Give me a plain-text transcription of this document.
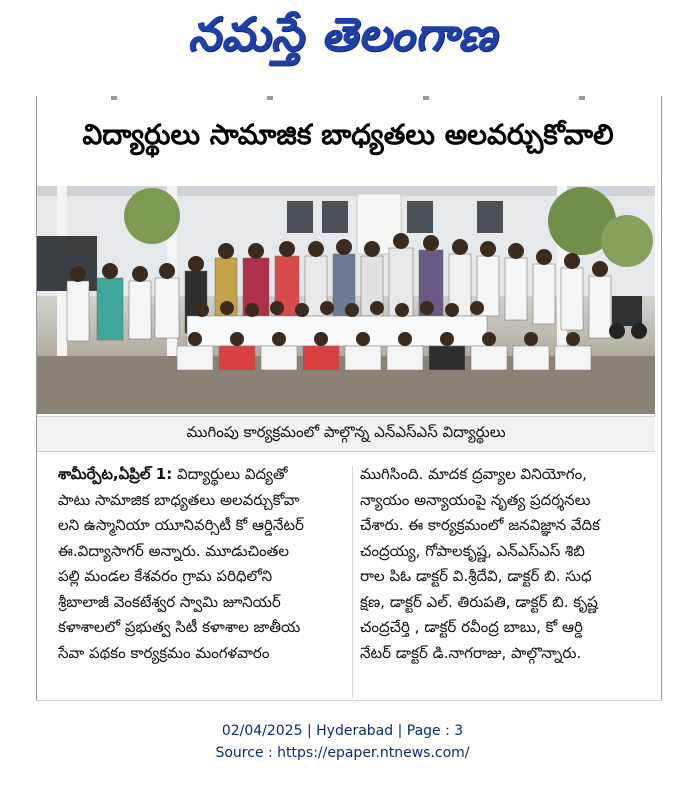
నమస్తే తెలంగాణ
విద్యార్థులు సామాజిక బాధ్యతలు అలవర్చుకోవాలి
ముగింపు కార్యక్రమంలో పాల్గొన్న ఎన్ఎస్ఎస్ విద్యార్థులు
శామీర్పేట,ఏప్రిల్ 1: విద్యార్థులు విద్యతో
పాటు సామాజిక బాధ్యతలు అలవర్చుకోవా
లని ఉస్మానియా యూనివర్సిటీ కో ఆర్డినేటర్
ఈ.విద్యాసాగర్ అన్నారు. మూడుచింతల
పల్లి మండల కేశవరం గ్రామ పరిధిలోని
శ్రీబాలాజీ వెంకటేశ్వర స్వామి జూనియర్
కళాశాలలో ప్రభుత్వ సిటీ కళాశాల జాతీయ
సేవా పథకం కార్యక్రమం మంగళవారం
ముగిసింది. మాదక ద్రవ్యాల వినియోగం,
న్యాయం అన్యాయంపై నృత్య ప్రదర్శనలు
చేశారు. ఈ కార్యక్రమంలో జనవిజ్ఞాన వేదిక
చంద్రయ్య, గోపాలకృష్ణ, ఎన్ఎస్ఎస్ శిబి
రాల పిఓ డాక్టర్ వి.శ్రీదేవి, డాక్టర్ బి. సుధ
క్షణ, డాక్టర్ ఎల్. తిరుపతి, డాక్టర్ బి. కృష్ణ
చంద్రచేర్తి , డాక్టర్ రవీంద్ర బాబు, కో ఆర్డి
నేటర్ డాక్టర్ డి.నాగరాజు, పాల్గొన్నారు.
02/04/2025 | Hyderabad | Page : 3
Source : https://epaper.ntnews.com/
